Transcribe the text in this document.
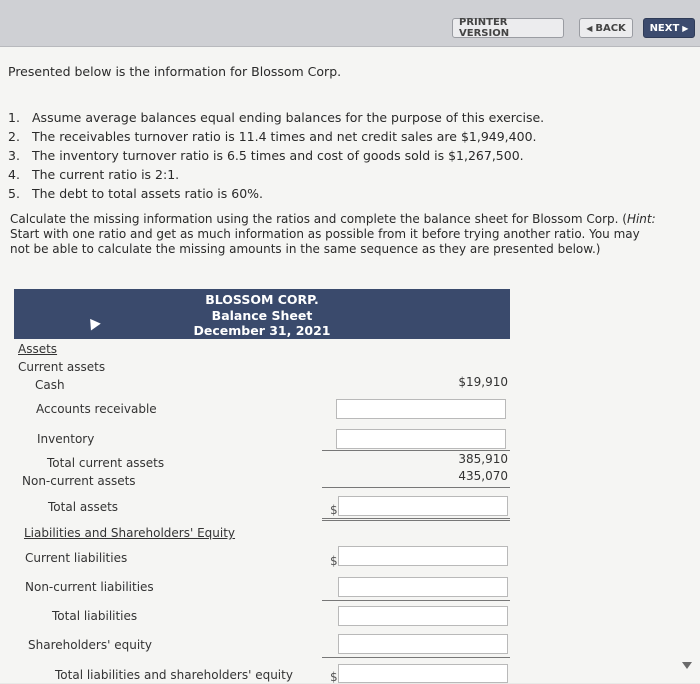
PRINTER VERSION	◀ BACK NEXT ▶
Presented below is the information for Blossom Corp.
1. Assume average balances equal ending balances for the purpose of this exercise.
2. The receivables turnover ratio is 11.4 times and net credit sales are $1,949,400.
3. The inventory turnover ratio is 6.5 times and cost of goods sold is $1,267,500.
4. The current ratio is 2:1.
5. The debt to total assets ratio is 60%.
Calculate the missing information using the ratios and complete the balance sheet for Blossom Corp. (Hint: Start with one ratio and get as much information as possible from it before trying another ratio. You may not be able to calculate the missing amounts in the same sequence as they are presented below.)
BLOSSOM CORP.
Balance Sheet
December 31, 2021
Assets
Current assets
Cash	$19,910
Accounts receivable
Inventory
Total current assets	385,910
Non-current assets	435,070
Total assets	$
Liabilities and Shareholders' Equity
Current liabilities	$
Non-current liabilities
Total liabilities
Shareholders' equity
Total liabilities and shareholders' equity	$
